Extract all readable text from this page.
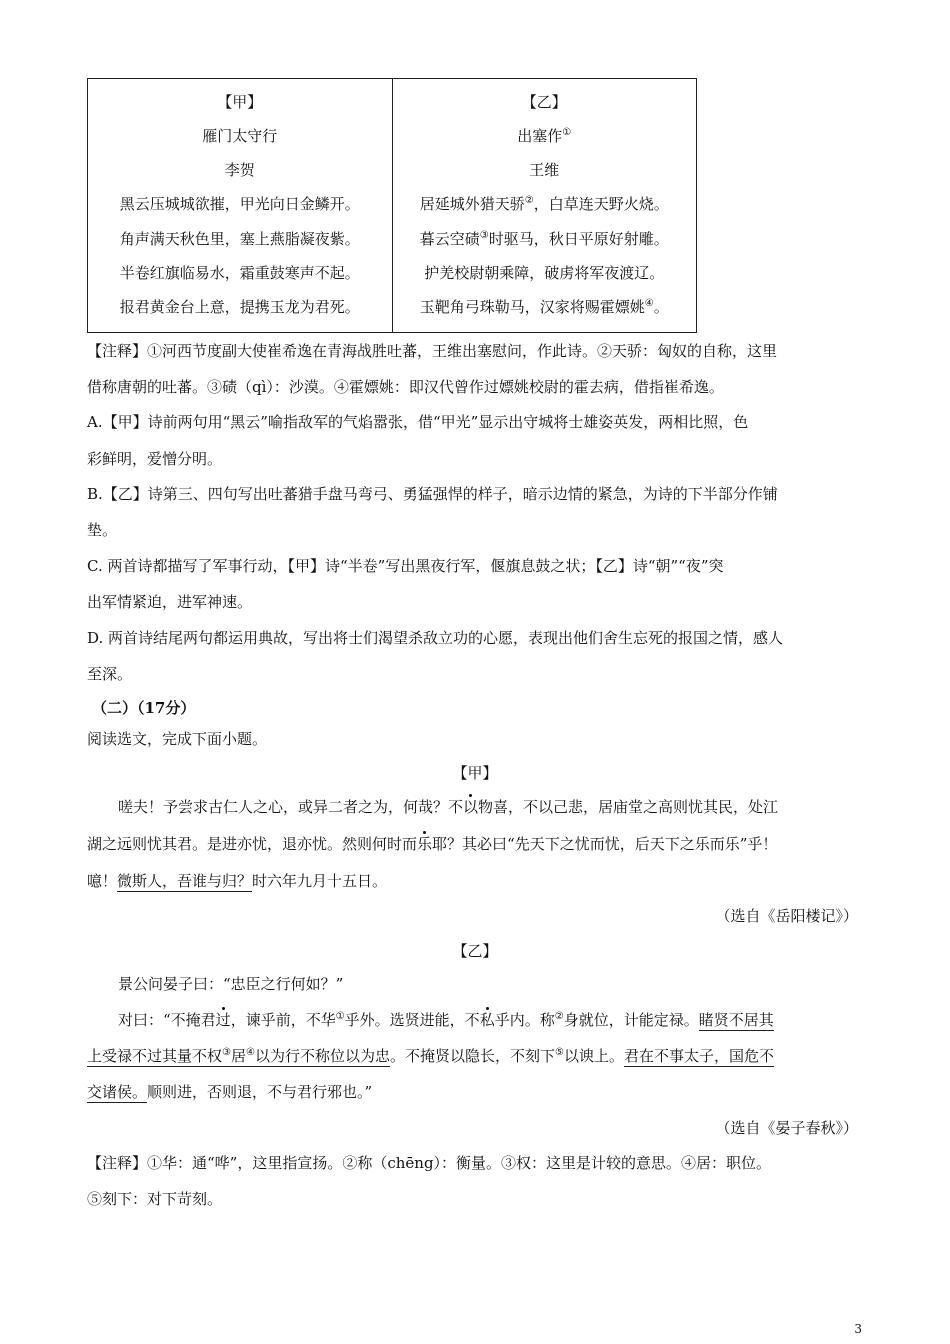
【甲】
雁门太守行
李贺
黑云压城城欲摧，甲光向日金鳞开。
角声满天秋色里，塞上燕脂凝夜紫。
半卷红旗临易水，霜重鼓寒声不起。
报君黄金台上意，提携玉龙为君死。
【乙】
出塞作①
王维
居延城外猎天骄②，白草连天野火烧。
暮云空碛③时驱马，秋日平原好射雕。
护羌校尉朝乘障，破虏将军夜渡辽。
玉靶角弓珠勒马，汉家将赐霍嫖姚④。
【注释】①河西节度副大使崔希逸在青海战胜吐蕃，王维出塞慰问，作此诗。②天骄：匈奴的自称，这里
借称唐朝的吐蕃。③碛（qì）：沙漠。④霍嫖姚：即汉代曾作过嫖姚校尉的霍去病，借指崔希逸。
A.【甲】诗前两句用“黑云”喻指敌军的气焰嚣张，借“甲光”显示出守城将士雄姿英发，两相比照，色
彩鲜明，爱憎分明。
B.【乙】诗第三、四句写出吐蕃猎手盘马弯弓、勇猛强悍的样子，暗示边情的紧急，为诗的下半部分作铺
垫。
C. 两首诗都描写了军事行动，【甲】诗“半卷”写出黑夜行军，偃旗息鼓之状；【乙】诗“朝”“夜”突
出军情紧迫，进军神速。
D. 两首诗结尾两句都运用典故，写出将士们渴望杀敌立功的心愿，表现出他们舍生忘死的报国之情，感人
至深。
（二）（17分）
阅读选文，完成下面小题。
【甲】
嗟夫！予尝求古仁人之心，或异二者之为，何哉？不以物喜，不以己悲，居庙堂之高则忧其民，处江
湖之远则忧其君。是进亦忧，退亦忧。然则何时而乐耶？其必曰“先天下之忧而忧，后天下之乐而乐”乎！
噫！微斯人，吾谁与归？时六年九月十五日。
（选自《岳阳楼记》）
【乙】
景公问晏子曰：“忠臣之行何如？”
对曰：“不掩君过，谏乎前，不华①乎外。选贤进能，不私乎内。称②身就位，计能定禄。睹贤不居其
上受禄不过其量不权③居④以为行不称位以为忠。不掩贤以隐长，不刻下⑤以谀上。君在不事太子，国危不
交诸侯。顺则进，否则退，不与君行邪也。”
（选自《晏子春秋》）
【注释】①华：通“哗”，这里指宣扬。②称（chēng）：衡量。③权：这里是计较的意思。④居：职位。
⑤刻下：对下苛刻。
3
